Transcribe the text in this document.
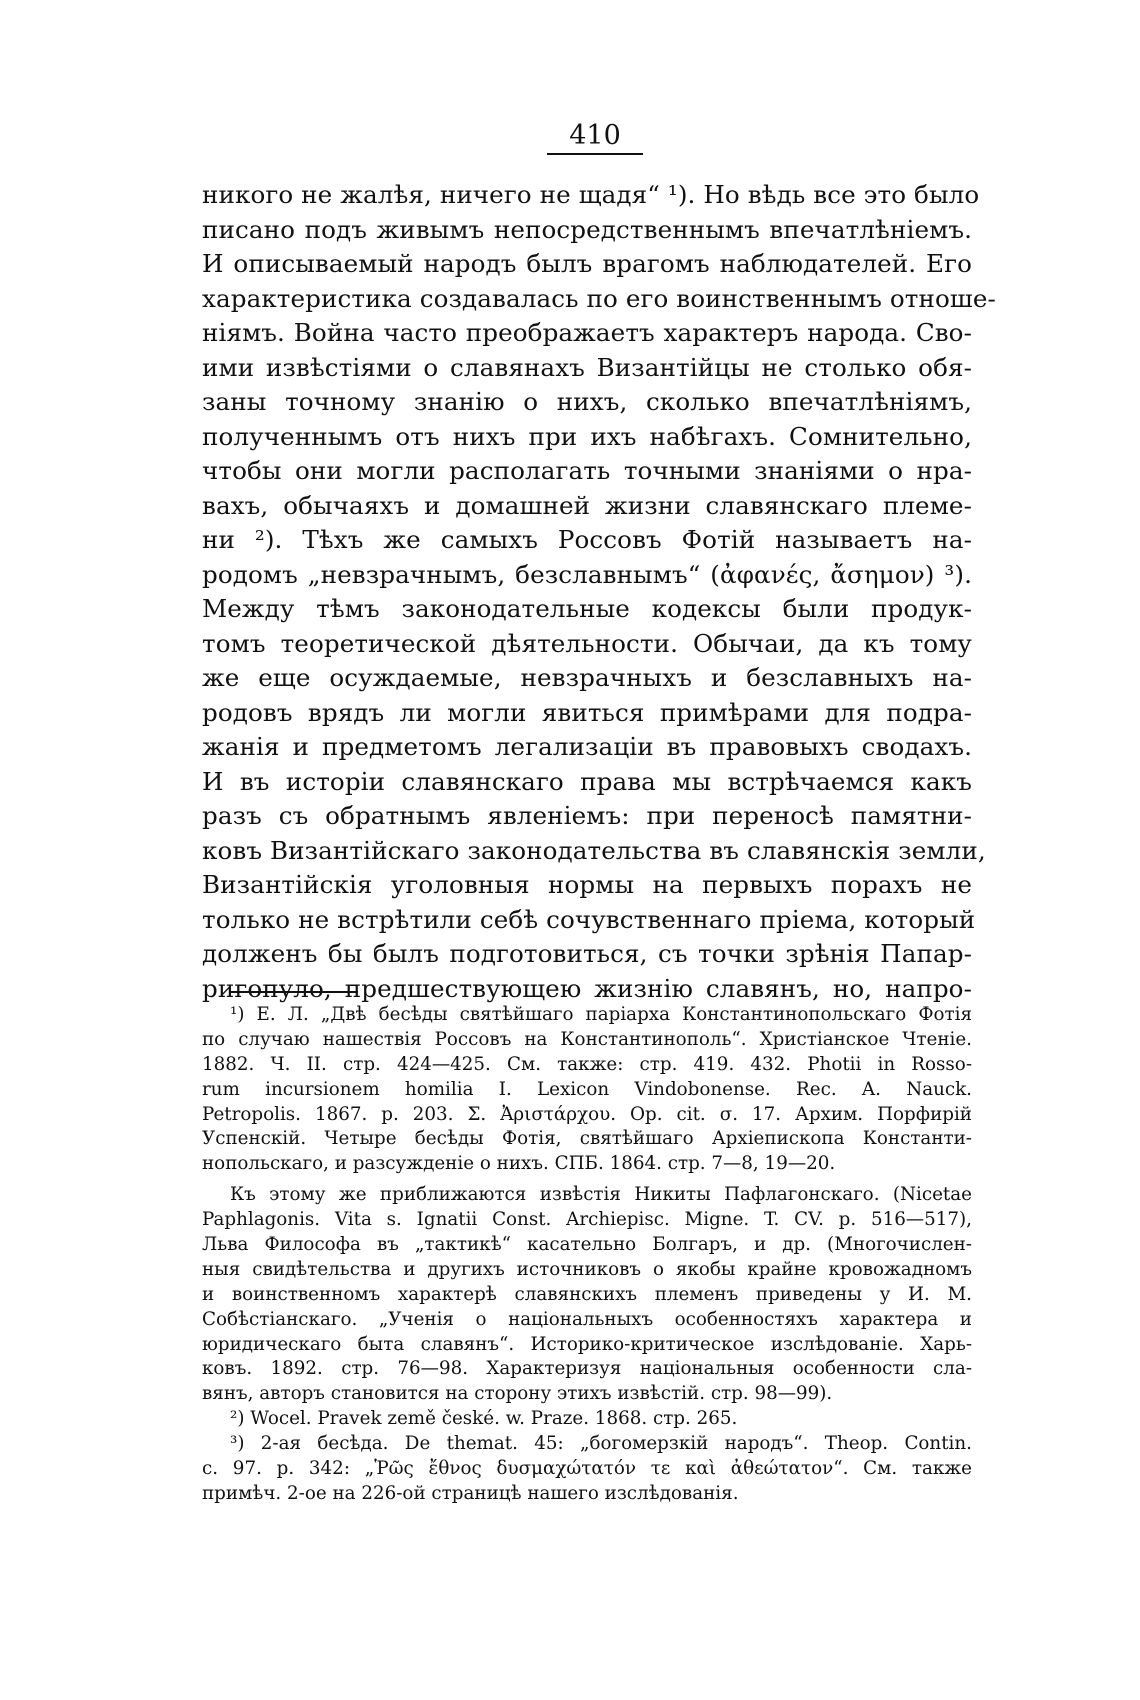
410
никого не жалѣя, ничего не щадя“ ¹). Но вѣдь все это было
писано подъ живымъ непосредственнымъ впечатлѣніемъ.
И описываемый народъ былъ врагомъ наблюдателей. Его
характеристика создавалась по его воинственнымъ отноше-
ніямъ. Война часто преображаетъ характеръ народа. Сво-
ими извѣстіями о славянахъ Византійцы не столько обя-
заны точному знанію о нихъ, сколько впечатлѣніямъ,
полученнымъ отъ нихъ при ихъ набѣгахъ. Сомнительно,
чтобы они могли располагать точными знаніями о нра-
вахъ, обычаяхъ и домашней жизни славянскаго племе-
ни ²). Тѣхъ же самыхъ Россовъ Фотій называетъ на-
родомъ „невзрачнымъ, безславнымъ“ (ἀφανές, ἄσημον) ³).
Между тѣмъ законодательные кодексы были продук-
томъ теоретической дѣятельности. Обычаи, да къ тому
же еще осуждаемые, невзрачныхъ и безславныхъ на-
родовъ врядъ ли могли явиться примѣрами для подра-
жанія и предметомъ легализаціи въ правовыхъ сводахъ.
И въ исторіи славянскаго права мы встрѣчаемся какъ
разъ съ обратнымъ явленіемъ: при переносѣ памятни-
ковъ Византійскаго законодательства въ славянскія земли,
Византійскія уголовныя нормы на первыхъ порахъ не
только не встрѣтили себѣ сочувственнаго пріема, который
долженъ бы былъ подготовиться, съ точки зрѣнія Папар-
ригопуло, предшествующею жизнію славянъ, но, напро-
¹) Е. Л. „Двѣ бесѣды святѣйшаго паріарха Константинопольскаго Фотія
по случаю нашествія Россовъ на Константинополь“. Христіанское Чтеніе.
1882. Ч. II. стр. 424—425. См. также: стр. 419. 432. Photii in Rosso-
rum incursionem homilia I. Lexicon Vindobonense. Rec. A. Nauck.
Petropolis. 1867. p. 203. Σ. Ἀριστάρχου. Op. cit. σ. 17. Архим. Порфирій
Успенскій. Четыре бесѣды Фотія, святѣйшаго Архіепископа Константи-
нопольскаго, и разсужденіе о нихъ. СПБ. 1864. стр. 7—8, 19—20.
Къ этому же приближаются извѣстія Никиты Пафлагонскаго. (Nicetae
Paphlagonis. Vita s. Ignatii Const. Archiepisc. Migne. T. CV. p. 516—517),
Льва Философа въ „тактикѣ“ касательно Болгаръ, и др. (Многочислен-
ныя свидѣтельства и другихъ источниковъ о якобы крайне кровожадномъ
и воинственномъ характерѣ славянскихъ племенъ приведены у И. М.
Собѣстіанскаго. „Ученія о національныхъ особенностяхъ характера и
юридическаго быта славянъ“. Историко-критическое изслѣдованіе. Харь-
ковъ. 1892. стр. 76—98. Характеризуя національныя особенности сла-
вянъ, авторъ становится на сторону этихъ извѣстій. стр. 98—99).
²) Wocel. Pravek země české. w. Praze. 1868. стр. 265.
³) 2-ая бесѣда. De themat. 45: „богомерзкій народъ“. Theop. Contin.
c. 97. p. 342: „Ῥῶς ἔθνος δυσμαχώτατόν τε καὶ ἀθεώτατον“. См. также
примѣч. 2-ое на 226-ой страницѣ нашего изслѣдованія.
